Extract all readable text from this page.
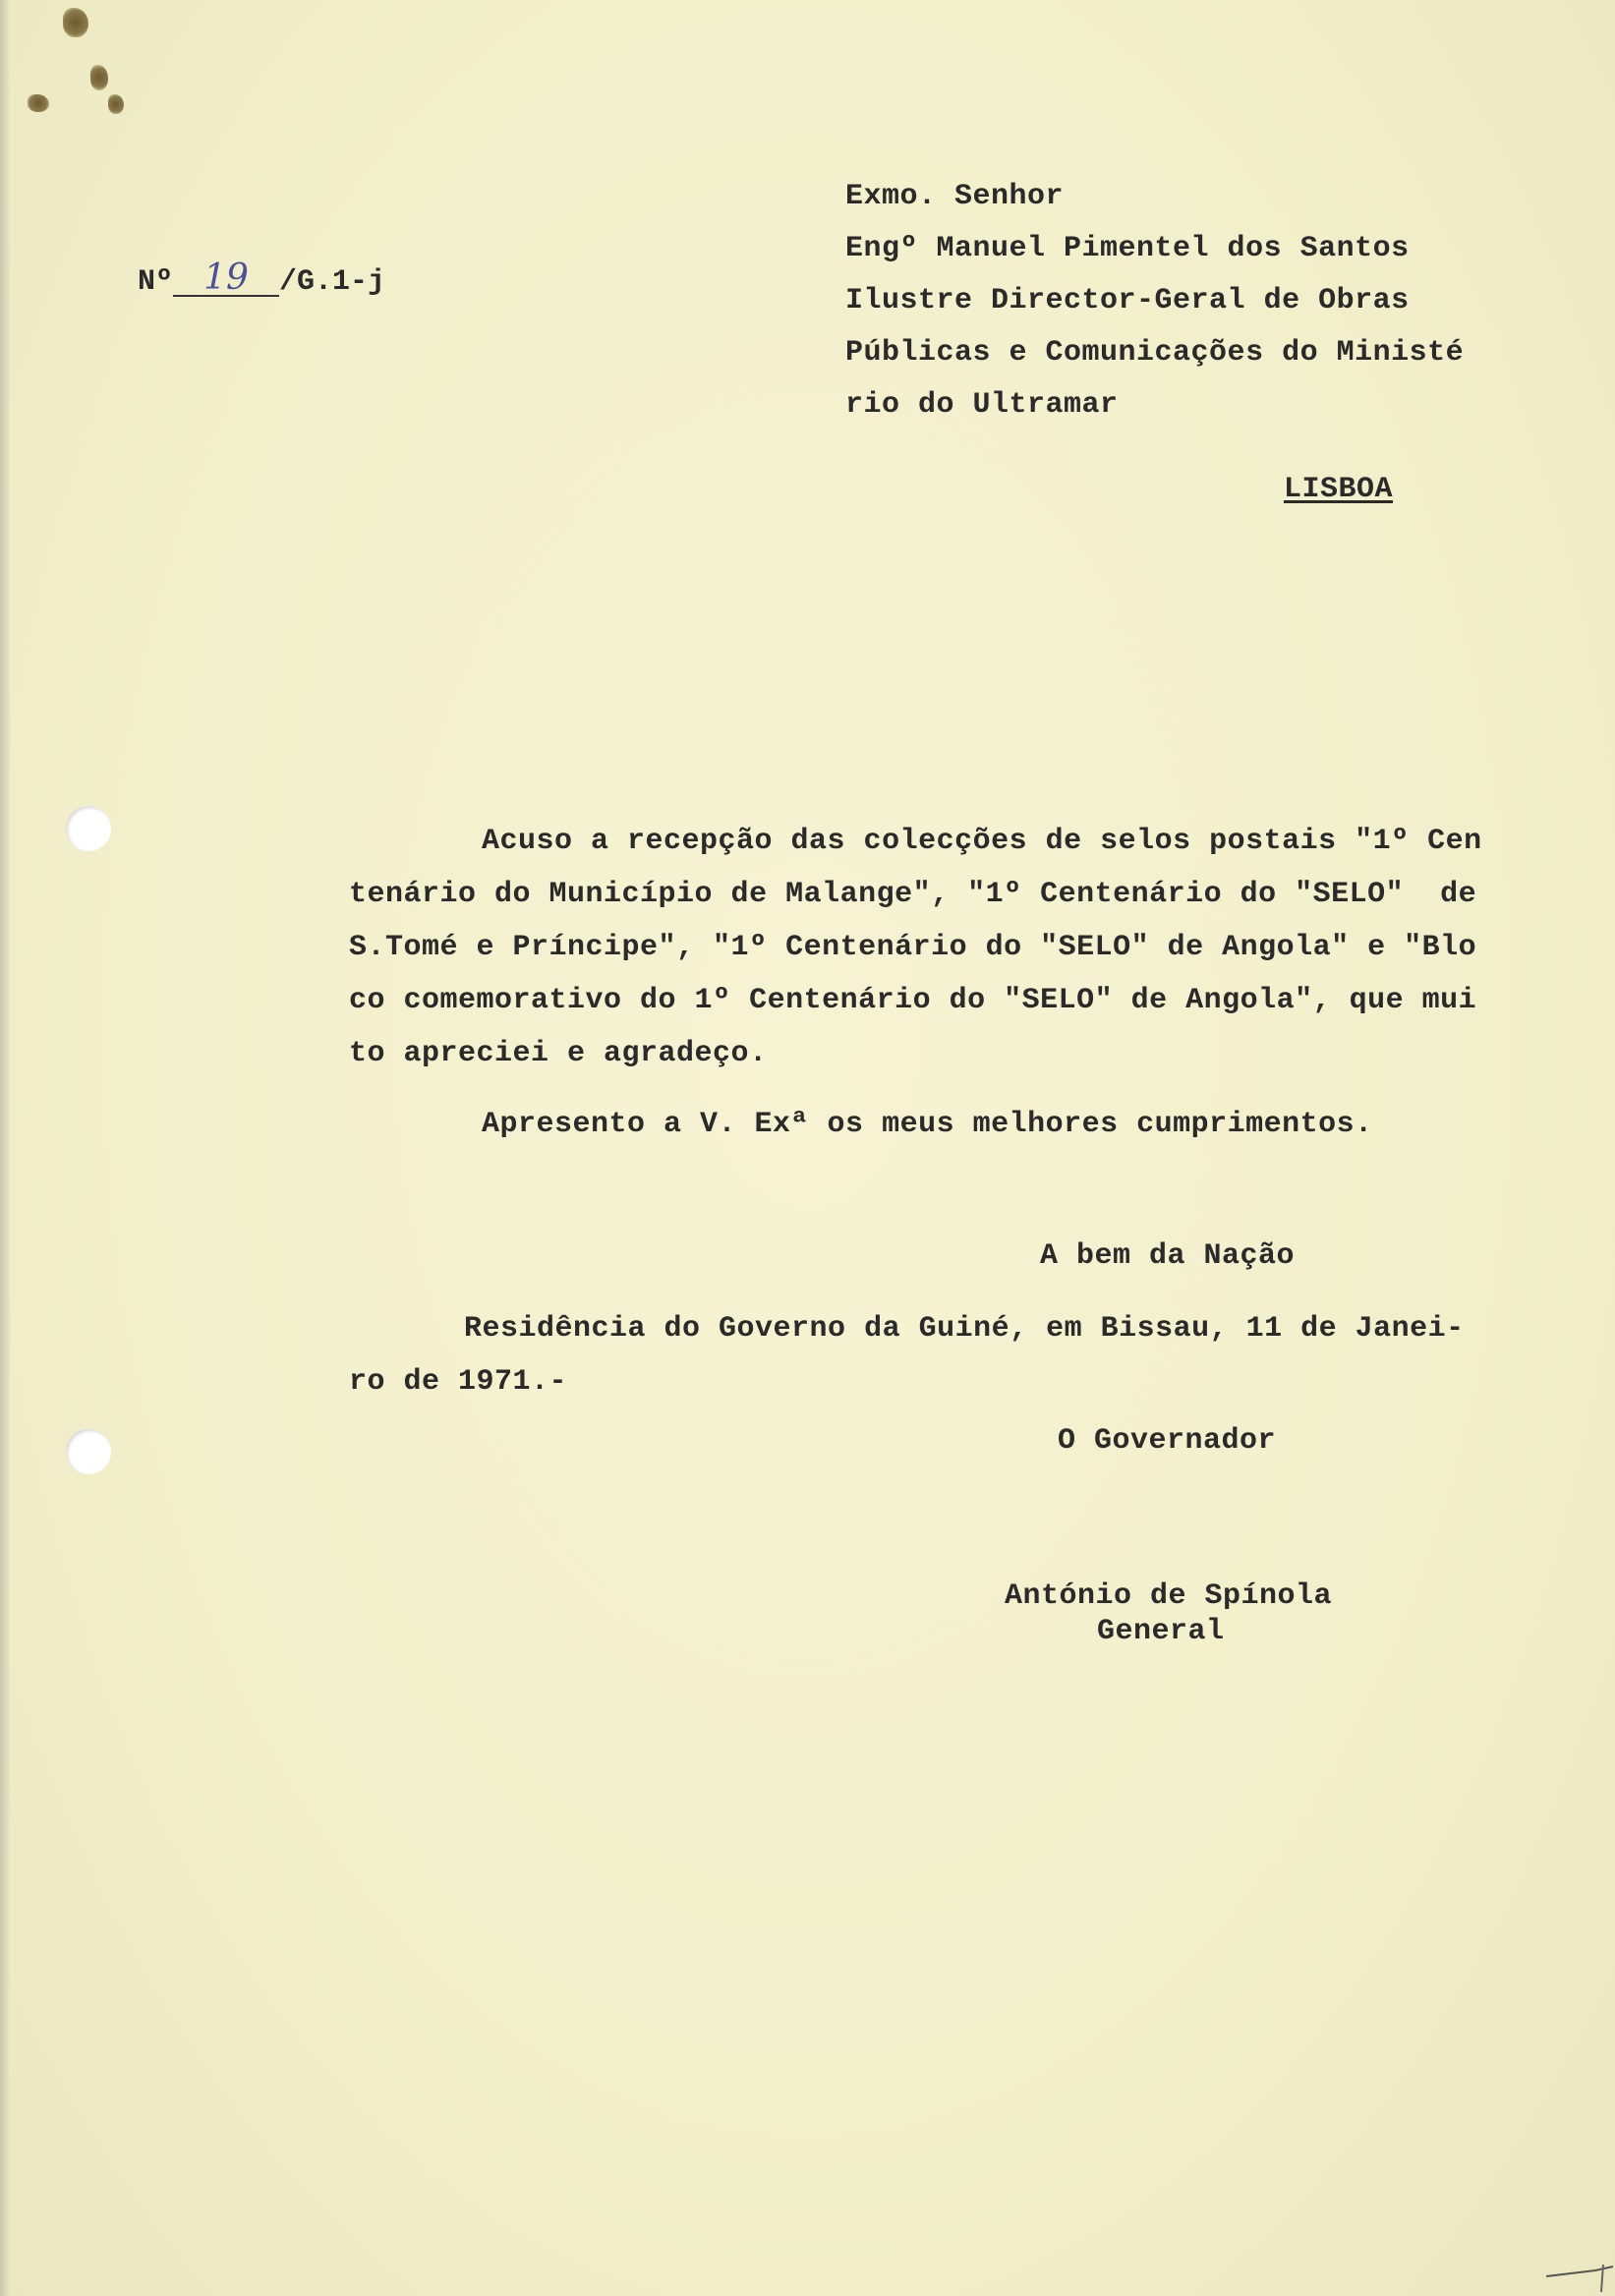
Nº 19 /G.1-j
Exmo. Senhor
Engº Manuel Pimentel dos Santos
Ilustre Director-Geral de Obras
Públicas e Comunicações do Ministé
rio do Ultramar
LISBOA
Acuso a recepção das colecções de selos postais "1º Cen
tenário do Município de Malange", "1º Centenário do "SELO"  de
S.Tomé e Príncipe", "1º Centenário do "SELO" de Angola" e "Blo
co comemorativo do 1º Centenário do "SELO" de Angola", que mui
to apreciei e agradeço.
Apresento a V. Exª os meus melhores cumprimentos.
A bem da Nação
Residência do Governo da Guiné, em Bissau, 11 de Janei-
ro de 1971.-
O Governador
António de Spínola
General
